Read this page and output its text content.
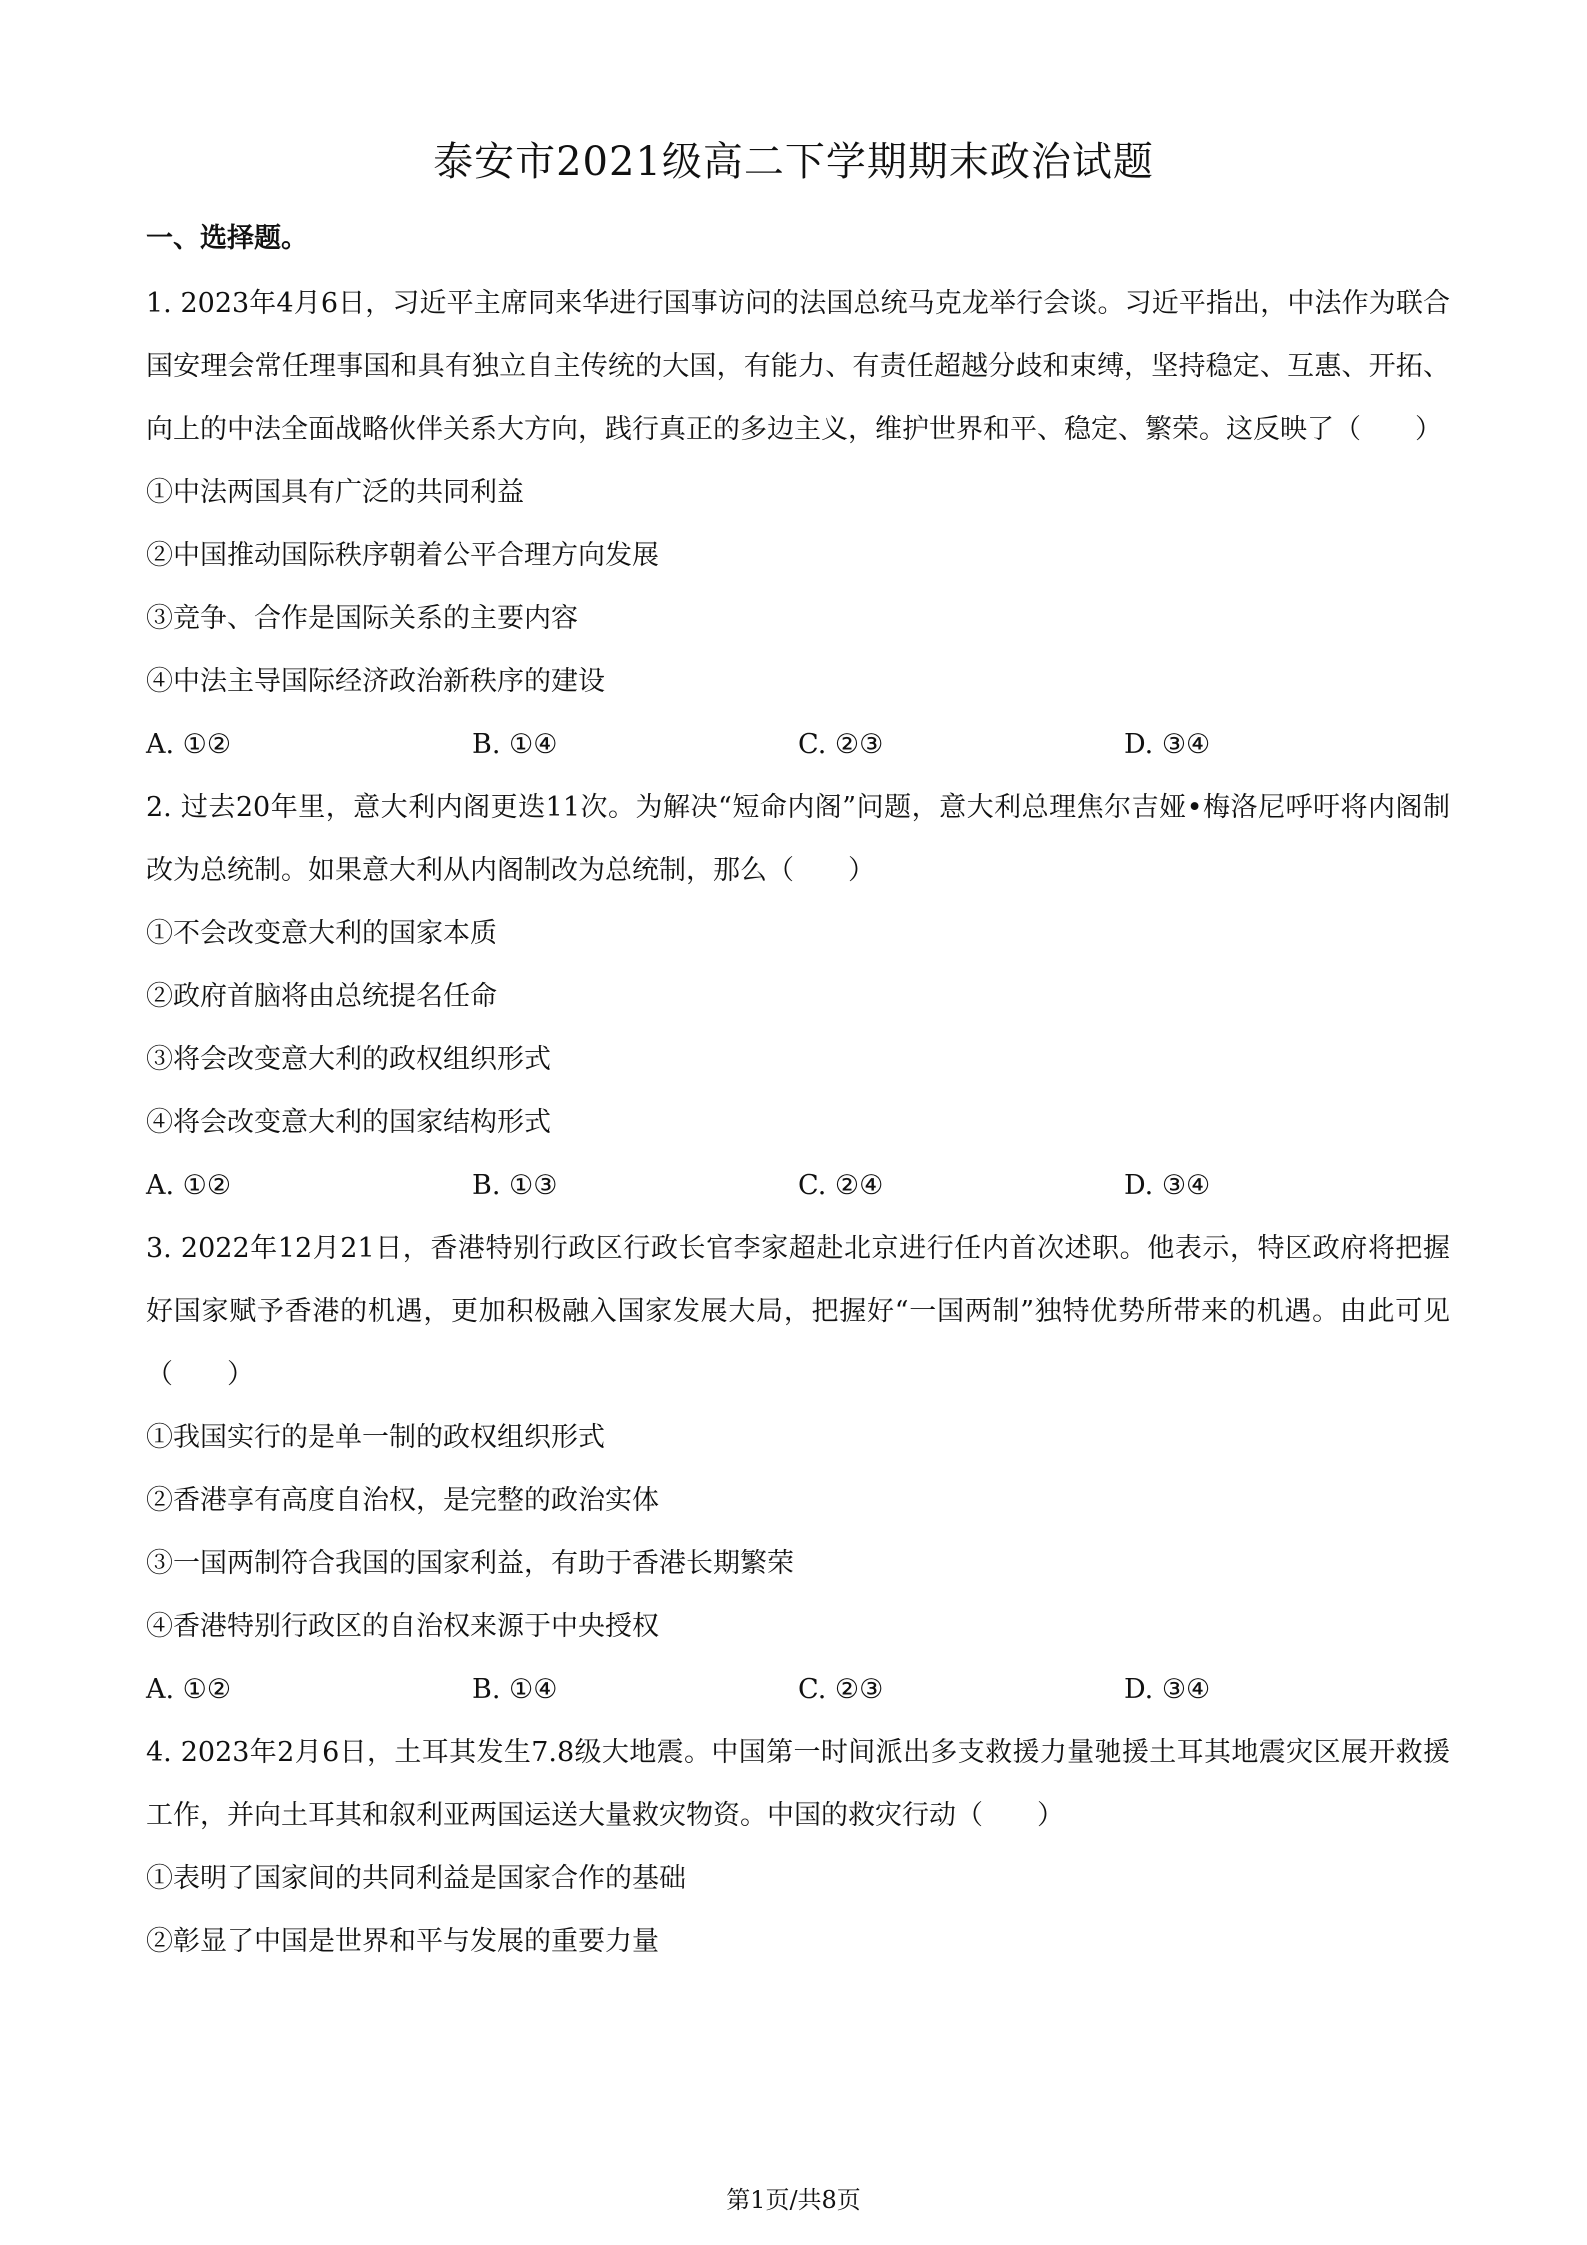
泰安市2021级高二下学期期末政治试题
一、选择题。

1. 2023年4月6日，习近平主席同来华进行国事访问的法国总统马克龙举行会谈。习近平指出，中法作为联合国安理会常任理事国和具有独立自主传统的大国，有能力、有责任超越分歧和束缚，坚持稳定、互惠、开拓、向上的中法全面战略伙伴关系大方向，践行真正的多边主义，维护世界和平、稳定、繁荣。这反映了（　　）

①中法两国具有广泛的共同利益

②中国推动国际秩序朝着公平合理方向发展

③竞争、合作是国际关系的主要内容

④中法主导国际经济政治新秩序的建设

A. ①②	B. ①④	C. ②③	D. ③④

2. 过去20年里，意大利内阁更迭11次。为解决“短命内阁”问题，意大利总理焦尔吉娅•梅洛尼呼吁将内阁制改为总统制。如果意大利从内阁制改为总统制，那么（　　）

①不会改变意大利的国家本质

②政府首脑将由总统提名任命

③将会改变意大利的政权组织形式

④将会改变意大利的国家结构形式

A. ①②	B. ①③	C. ②④	D. ③④

3. 2022年12月21日，香港特别行政区行政长官李家超赴北京进行任内首次述职。他表示，特区政府将把握好国家赋予香港的机遇，更加积极融入国家发展大局，把握好“一国两制”独特优势所带来的机遇。由此可见（　　）

①我国实行的是单一制的政权组织形式

②香港享有高度自治权，是完整的政治实体

③一国两制符合我国的国家利益，有助于香港长期繁荣

④香港特别行政区的自治权来源于中央授权

A. ①②	B. ①④	C. ②③	D. ③④

4. 2023年2月6日，土耳其发生7.8级大地震。中国第一时间派出多支救援力量驰援土耳其地震灾区展开救援工作，并向土耳其和叙利亚两国运送大量救灾物资。中国的救灾行动（　　）

①表明了国家间的共同利益是国家合作的基础

②彰显了中国是世界和平与发展的重要力量

第1页/共8页
